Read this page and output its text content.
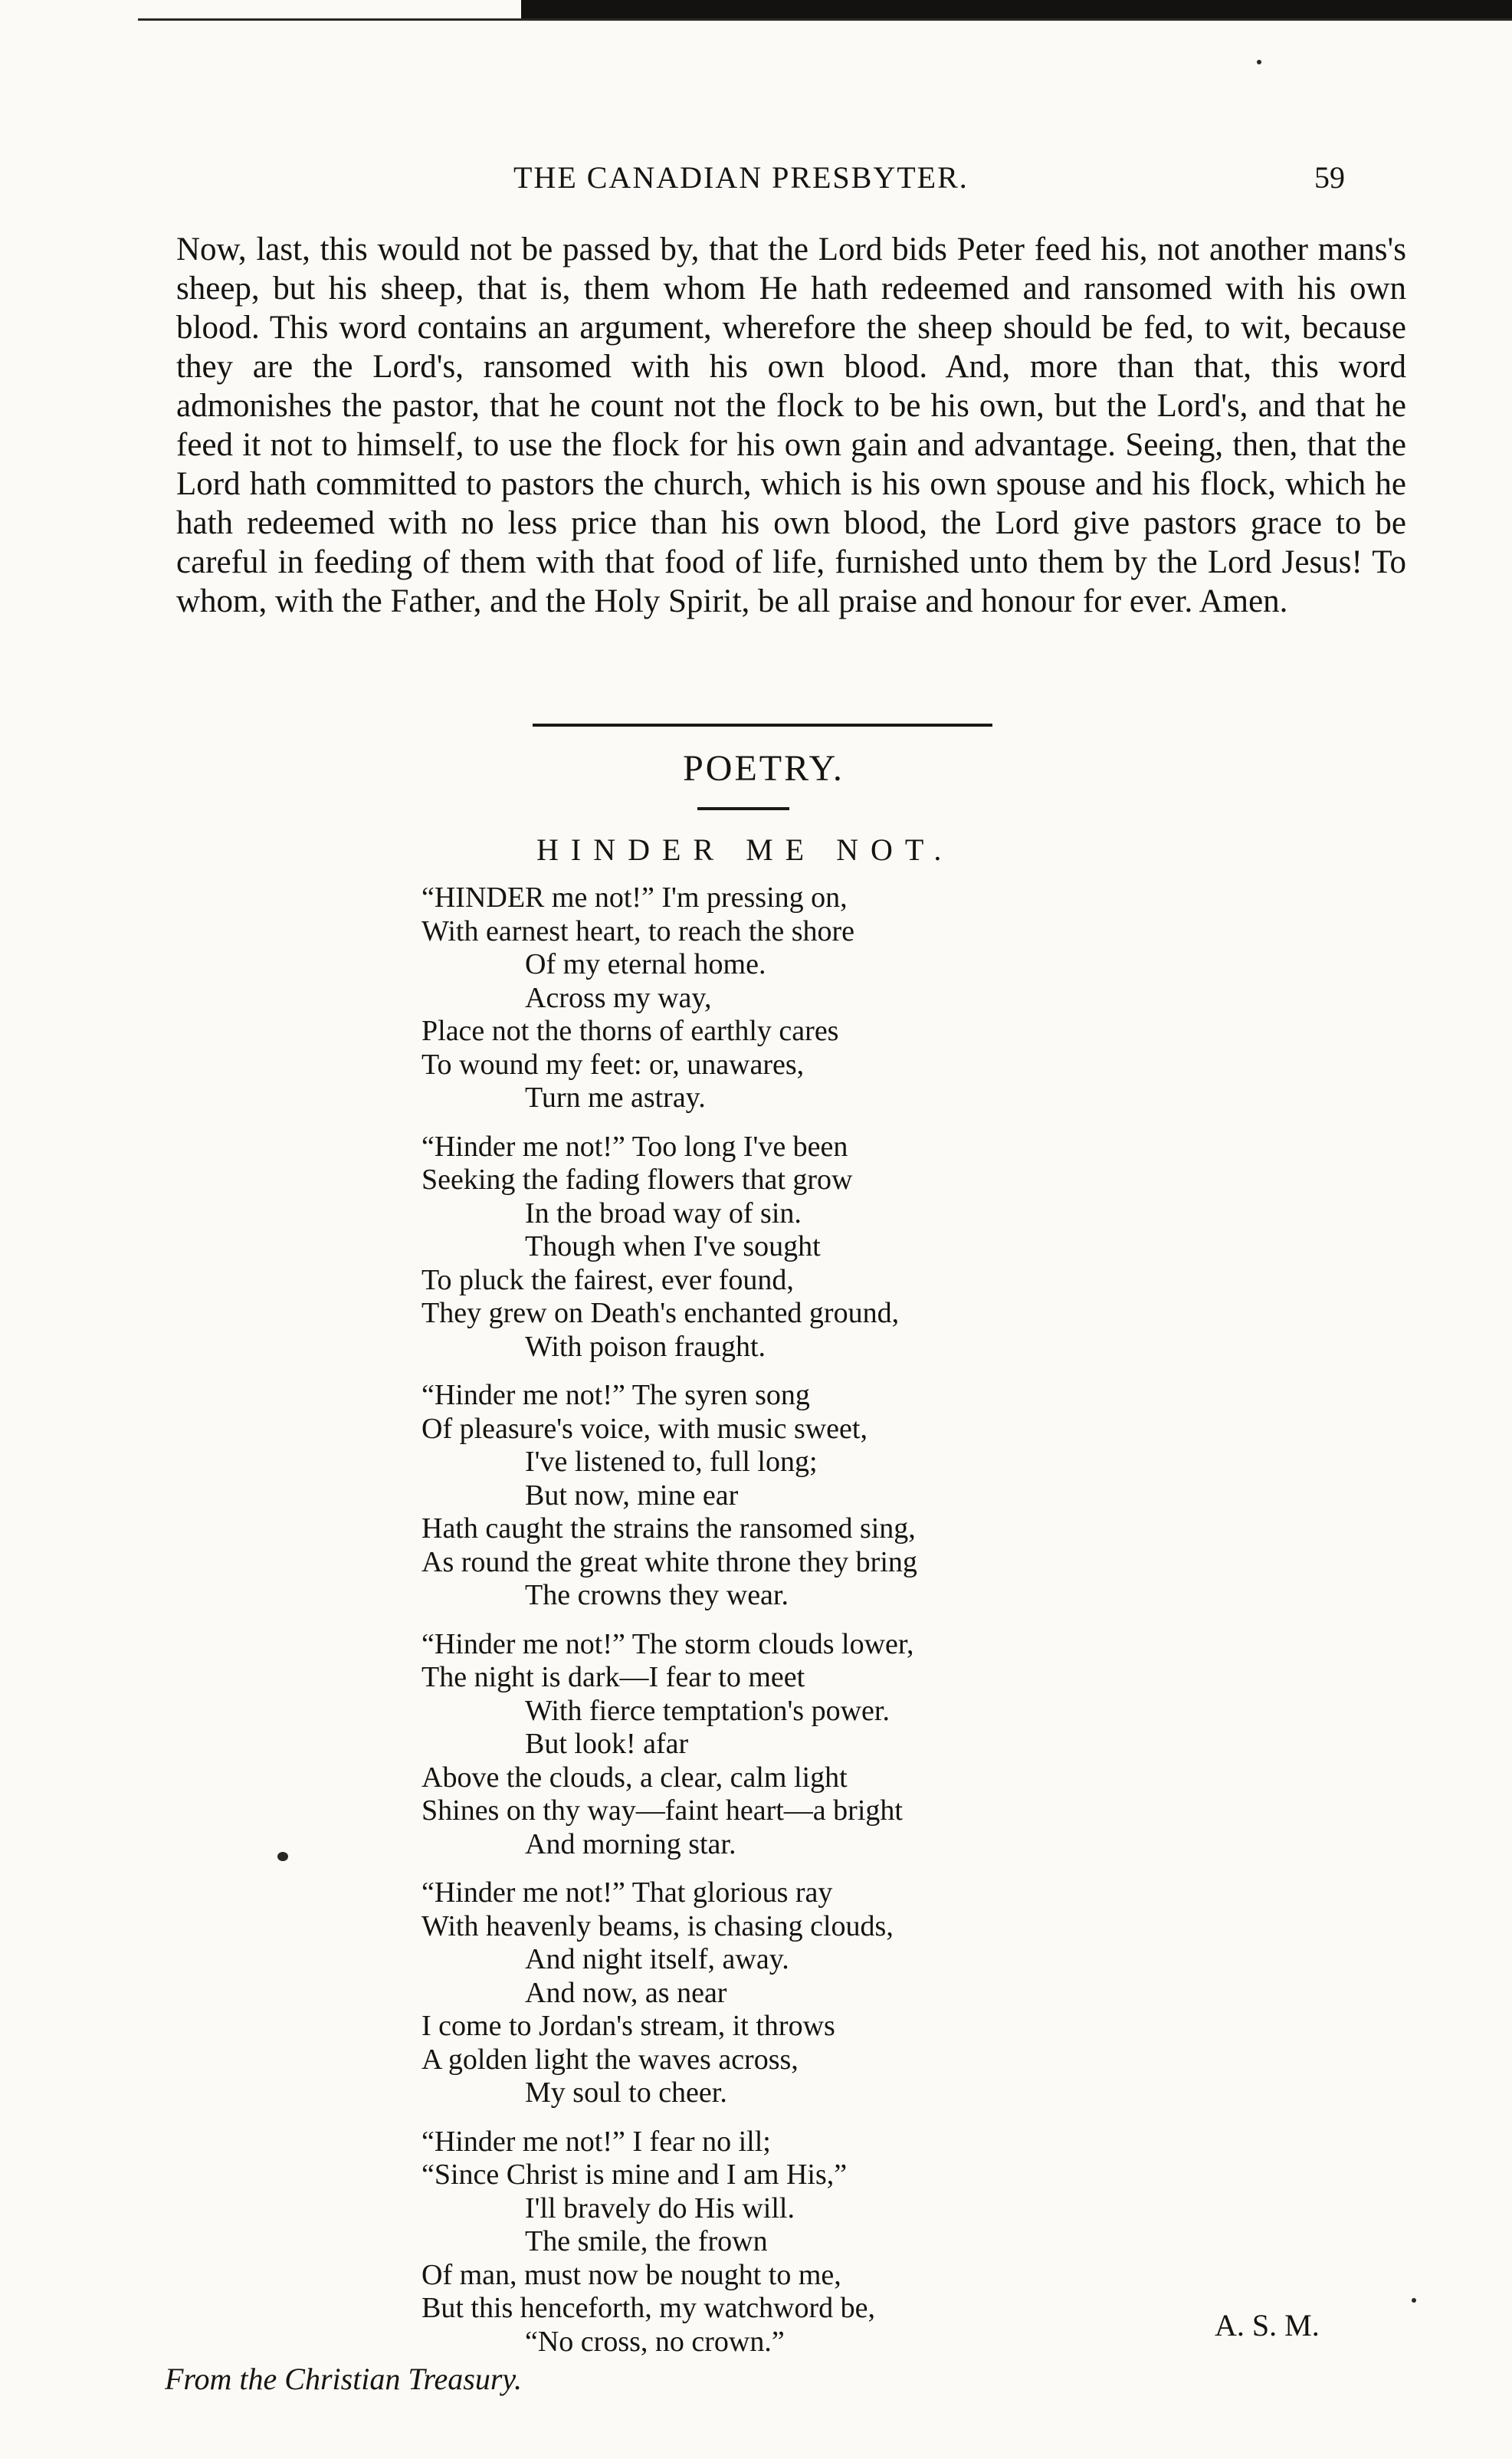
THE CANADIAN PRESBYTER.	59

Now, last, this would not be passed by, that the Lord bids Peter feed his, not another mans's sheep, but his sheep, that is, them whom He hath redeemed and ransomed with his own blood. This word contains an argument, wherefore the sheep should be fed, to wit, because they are the Lord's, ransomed with his own blood. And, more than that, this word admonishes the pastor, that he count not the flock to be his own, but the Lord's, and that he feed it not to himself, to use the flock for his own gain and advantage. Seeing, then, that the Lord hath committed to pastors the church, which is his own spouse and his flock, which he hath redeemed with no less price than his own blood, the Lord give pastors grace to be careful in feeding of them with that food of life, furnished unto them by the Lord Jesus! To whom, with the Father, and the Holy Spirit, be all praise and honour for ever. Amen.

POETRY.
HINDER ME NOT.
“HINDER me not!” I'm pressing on,
With earnest heart, to reach the shore
Of my eternal home.
Across my way,
Place not the thorns of earthly cares
To wound my feet: or, unawares,
Turn me astray.
“Hinder me not!” Too long I've been
Seeking the fading flowers that grow
In the broad way of sin.
Though when I've sought
To pluck the fairest, ever found,
They grew on Death's enchanted ground,
With poison fraught.
“Hinder me not!” The syren song
Of pleasure's voice, with music sweet,
I've listened to, full long;
But now, mine ear
Hath caught the strains the ransomed sing,
As round the great white throne they bring
The crowns they wear.
“Hinder me not!” The storm clouds lower,
The night is dark—I fear to meet
With fierce temptation's power.
But look! afar
Above the clouds, a clear, calm light
Shines on thy way—faint heart—a bright
And morning star.
“Hinder me not!” That glorious ray
With heavenly beams, is chasing clouds,
And night itself, away.
And now, as near
I come to Jordan's stream, it throws
A golden light the waves across,
My soul to cheer.
“Hinder me not!” I fear no ill;
“Since Christ is mine and I am His,”
I'll bravely do His will.
The smile, the frown
Of man, must now be nought to me,
But this henceforth, my watchword be,
“No cross, no crown.”	A. S. M.
From the Christian Treasury.
